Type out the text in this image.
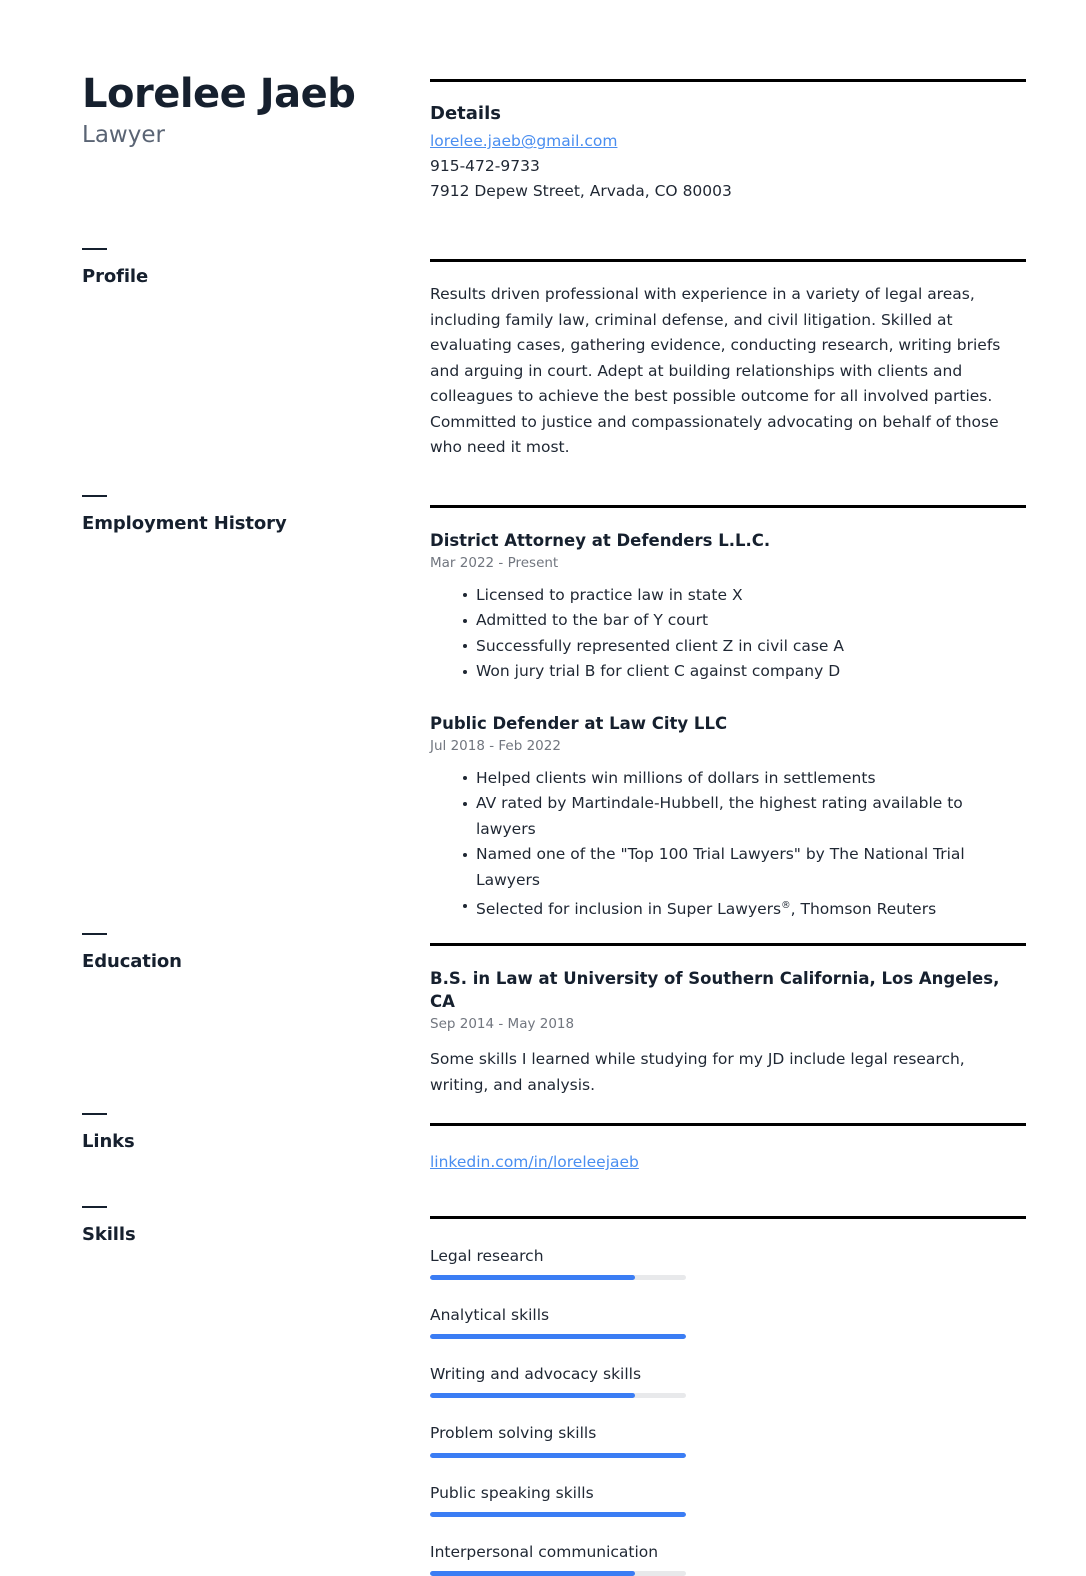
Lorelee Jaeb
Lawyer
Profile
Employment History
Education
Links
Skills
Details
lorelee.jaeb@gmail.com
915-472-9733
7912 Depew Street, Arvada, CO 80003

Results driven professional with experience in a variety of legal areas, including family law, criminal defense, and civil litigation. Skilled at evaluating cases, gathering evidence, conducting research, writing briefs and arguing in court. Adept at building relationships with clients and colleagues to achieve the best possible outcome for all involved parties. Committed to justice and compassionately advocating on behalf of those who need it most.

District Attorney at Defenders L.L.C.
Mar 2022 - Present
Licensed to practice law in state X
Admitted to the bar of Y court
Successfully represented client Z in civil case A
Won jury trial B for client C against company D
Public Defender at Law City LLC
Jul 2018 - Feb 2022
Helped clients win millions of dollars in settlements
AV rated by Martindale-Hubbell, the highest rating available to lawyers
Named one of the "Top 100 Trial Lawyers" by The National Trial Lawyers
Selected for inclusion in Super Lawyers®, Thomson Reuters
B.S. in Law at University of Southern California, Los Angeles, CA
Sep 2014 - May 2018

Some skills I learned while studying for my JD include legal research, writing, and analysis.

linkedin.com/in/loreleejaeb
Legal research
Analytical skills
Writing and advocacy skills
Problem solving skills
Public speaking skills
Interpersonal communication
